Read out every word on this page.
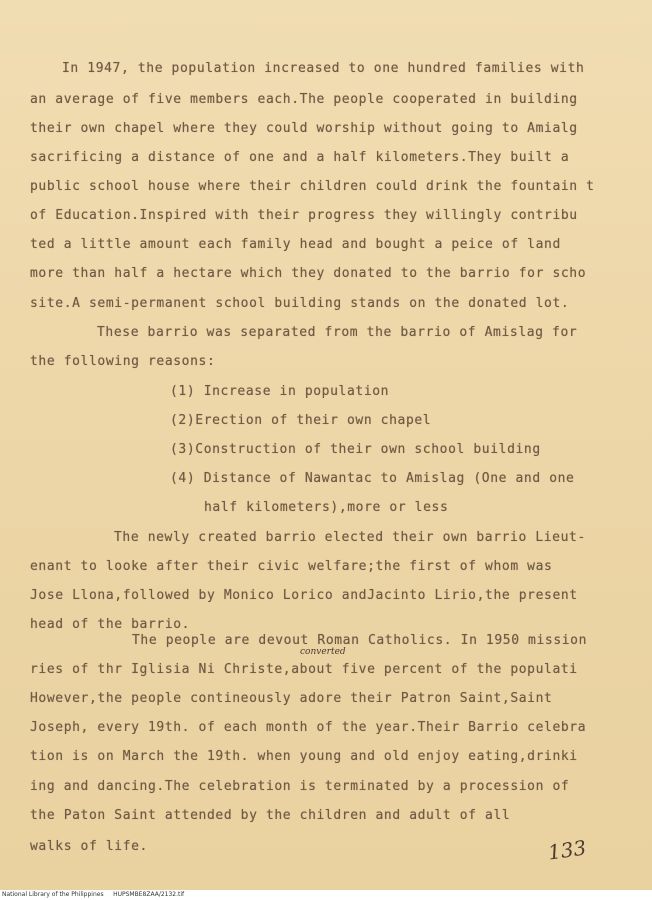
In 1947, the population increased to one hundred families with
an average of five members each.The people cooperated in building
their own chapel where they could worship without going to Amialg
sacrificing a distance of one and a half kilometers.They built a
public school house where their children could drink the fountain t
of Education.Inspired with their progress they willingly contribu
ted a little amount each family head and bought a peice of land
more than half a hectare which they donated to the barrio for scho
site.A semi-permanent school building stands on the donated lot.
These barrio was separated from the barrio of Amislag for
the following reasons:
(1) Increase in population
(2)Erection of their own chapel
(3)Construction of their own school building
(4) Distance of Nawantac to Amislag (One and one
half kilometers),more or less
The newly created barrio elected their own barrio Lieut-
enant to looke after their civic welfare;the first of whom was
Jose Llona,followed by Monico Lorico andJacinto Lirio,the present
head of the barrio.
The people are devout Roman Catholics. In 1950 mission
ries of thr Iglisia Ni Christe,about five percent of the populati
However,the people contineously adore their Patron Saint,Saint
Joseph, every 19th. of each month of the year.Their Barrio celebra
tion is on March the 19th. when young and old enjoy eating,drinki
ing and dancing.The celebration is terminated by a procession of
the Paton Saint attended by the children and adult of all
walks of life.
converted
133
National Library of the Philippines     HUPSMBE8ZAA/2132.tif
